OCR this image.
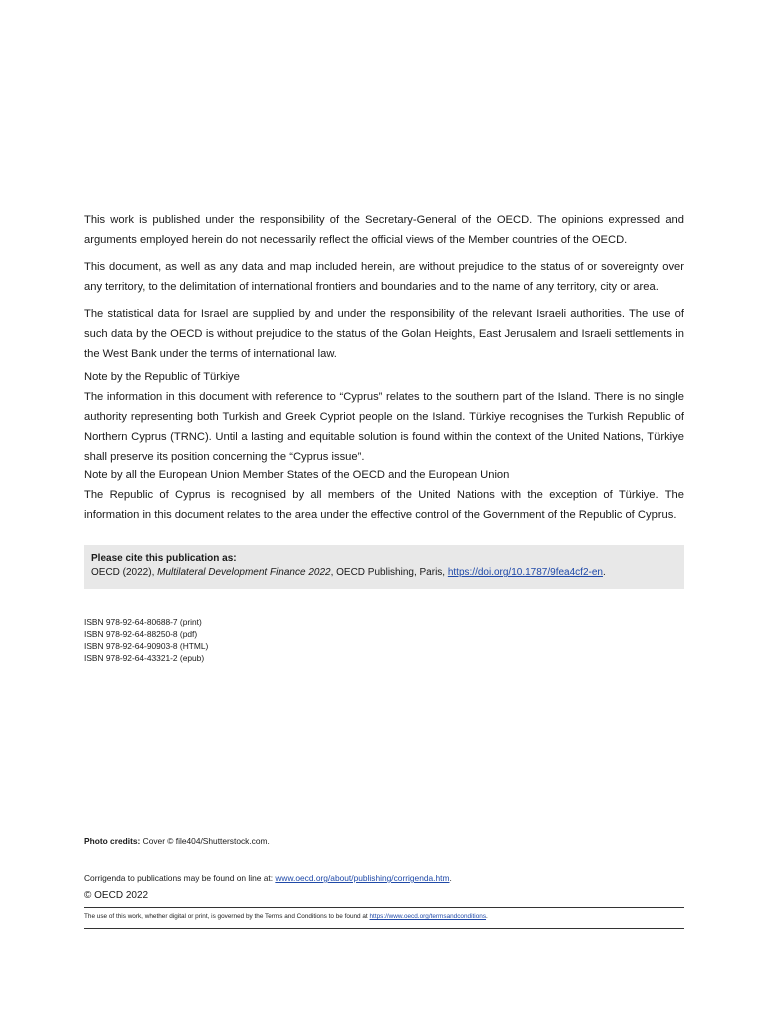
This work is published under the responsibility of the Secretary-General of the OECD. The opinions expressed and arguments employed herein do not necessarily reflect the official views of the Member countries of the OECD.

This document, as well as any data and map included herein, are without prejudice to the status of or sovereignty over any territory, to the delimitation of international frontiers and boundaries and to the name of any territory, city or area.

The statistical data for Israel are supplied by and under the responsibility of the relevant Israeli authorities. The use of such data by the OECD is without prejudice to the status of the Golan Heights, East Jerusalem and Israeli settlements in the West Bank under the terms of international law.

Note by the Republic of Türkiye
The information in this document with reference to “Cyprus” relates to the southern part of the Island. There is no single authority representing both Turkish and Greek Cypriot people on the Island. Türkiye recognises the Turkish Republic of Northern Cyprus (TRNC). Until a lasting and equitable solution is found within the context of the United Nations, Türkiye shall preserve its position concerning the “Cyprus issue”.
Note by all the European Union Member States of the OECD and the European Union
The Republic of Cyprus is recognised by all members of the United Nations with the exception of Türkiye. The information in this document relates to the area under the effective control of the Government of the Republic of Cyprus.
Please cite this publication as:
OECD (2022), Multilateral Development Finance 2022, OECD Publishing, Paris, https://doi.org/10.1787/9fea4cf2-en.
ISBN 978-92-64-80688-7 (print)
ISBN 978-92-64-88250-8 (pdf)
ISBN 978-92-64-90903-8 (HTML)
ISBN 978-92-64-43321-2 (epub)
Photo credits: Cover © file404/Shutterstock.com.
Corrigenda to publications may be found on line at: www.oecd.org/about/publishing/corrigenda.htm.
© OECD 2022
The use of this work, whether digital or print, is governed by the Terms and Conditions to be found at https://www.oecd.org/termsandconditions.
